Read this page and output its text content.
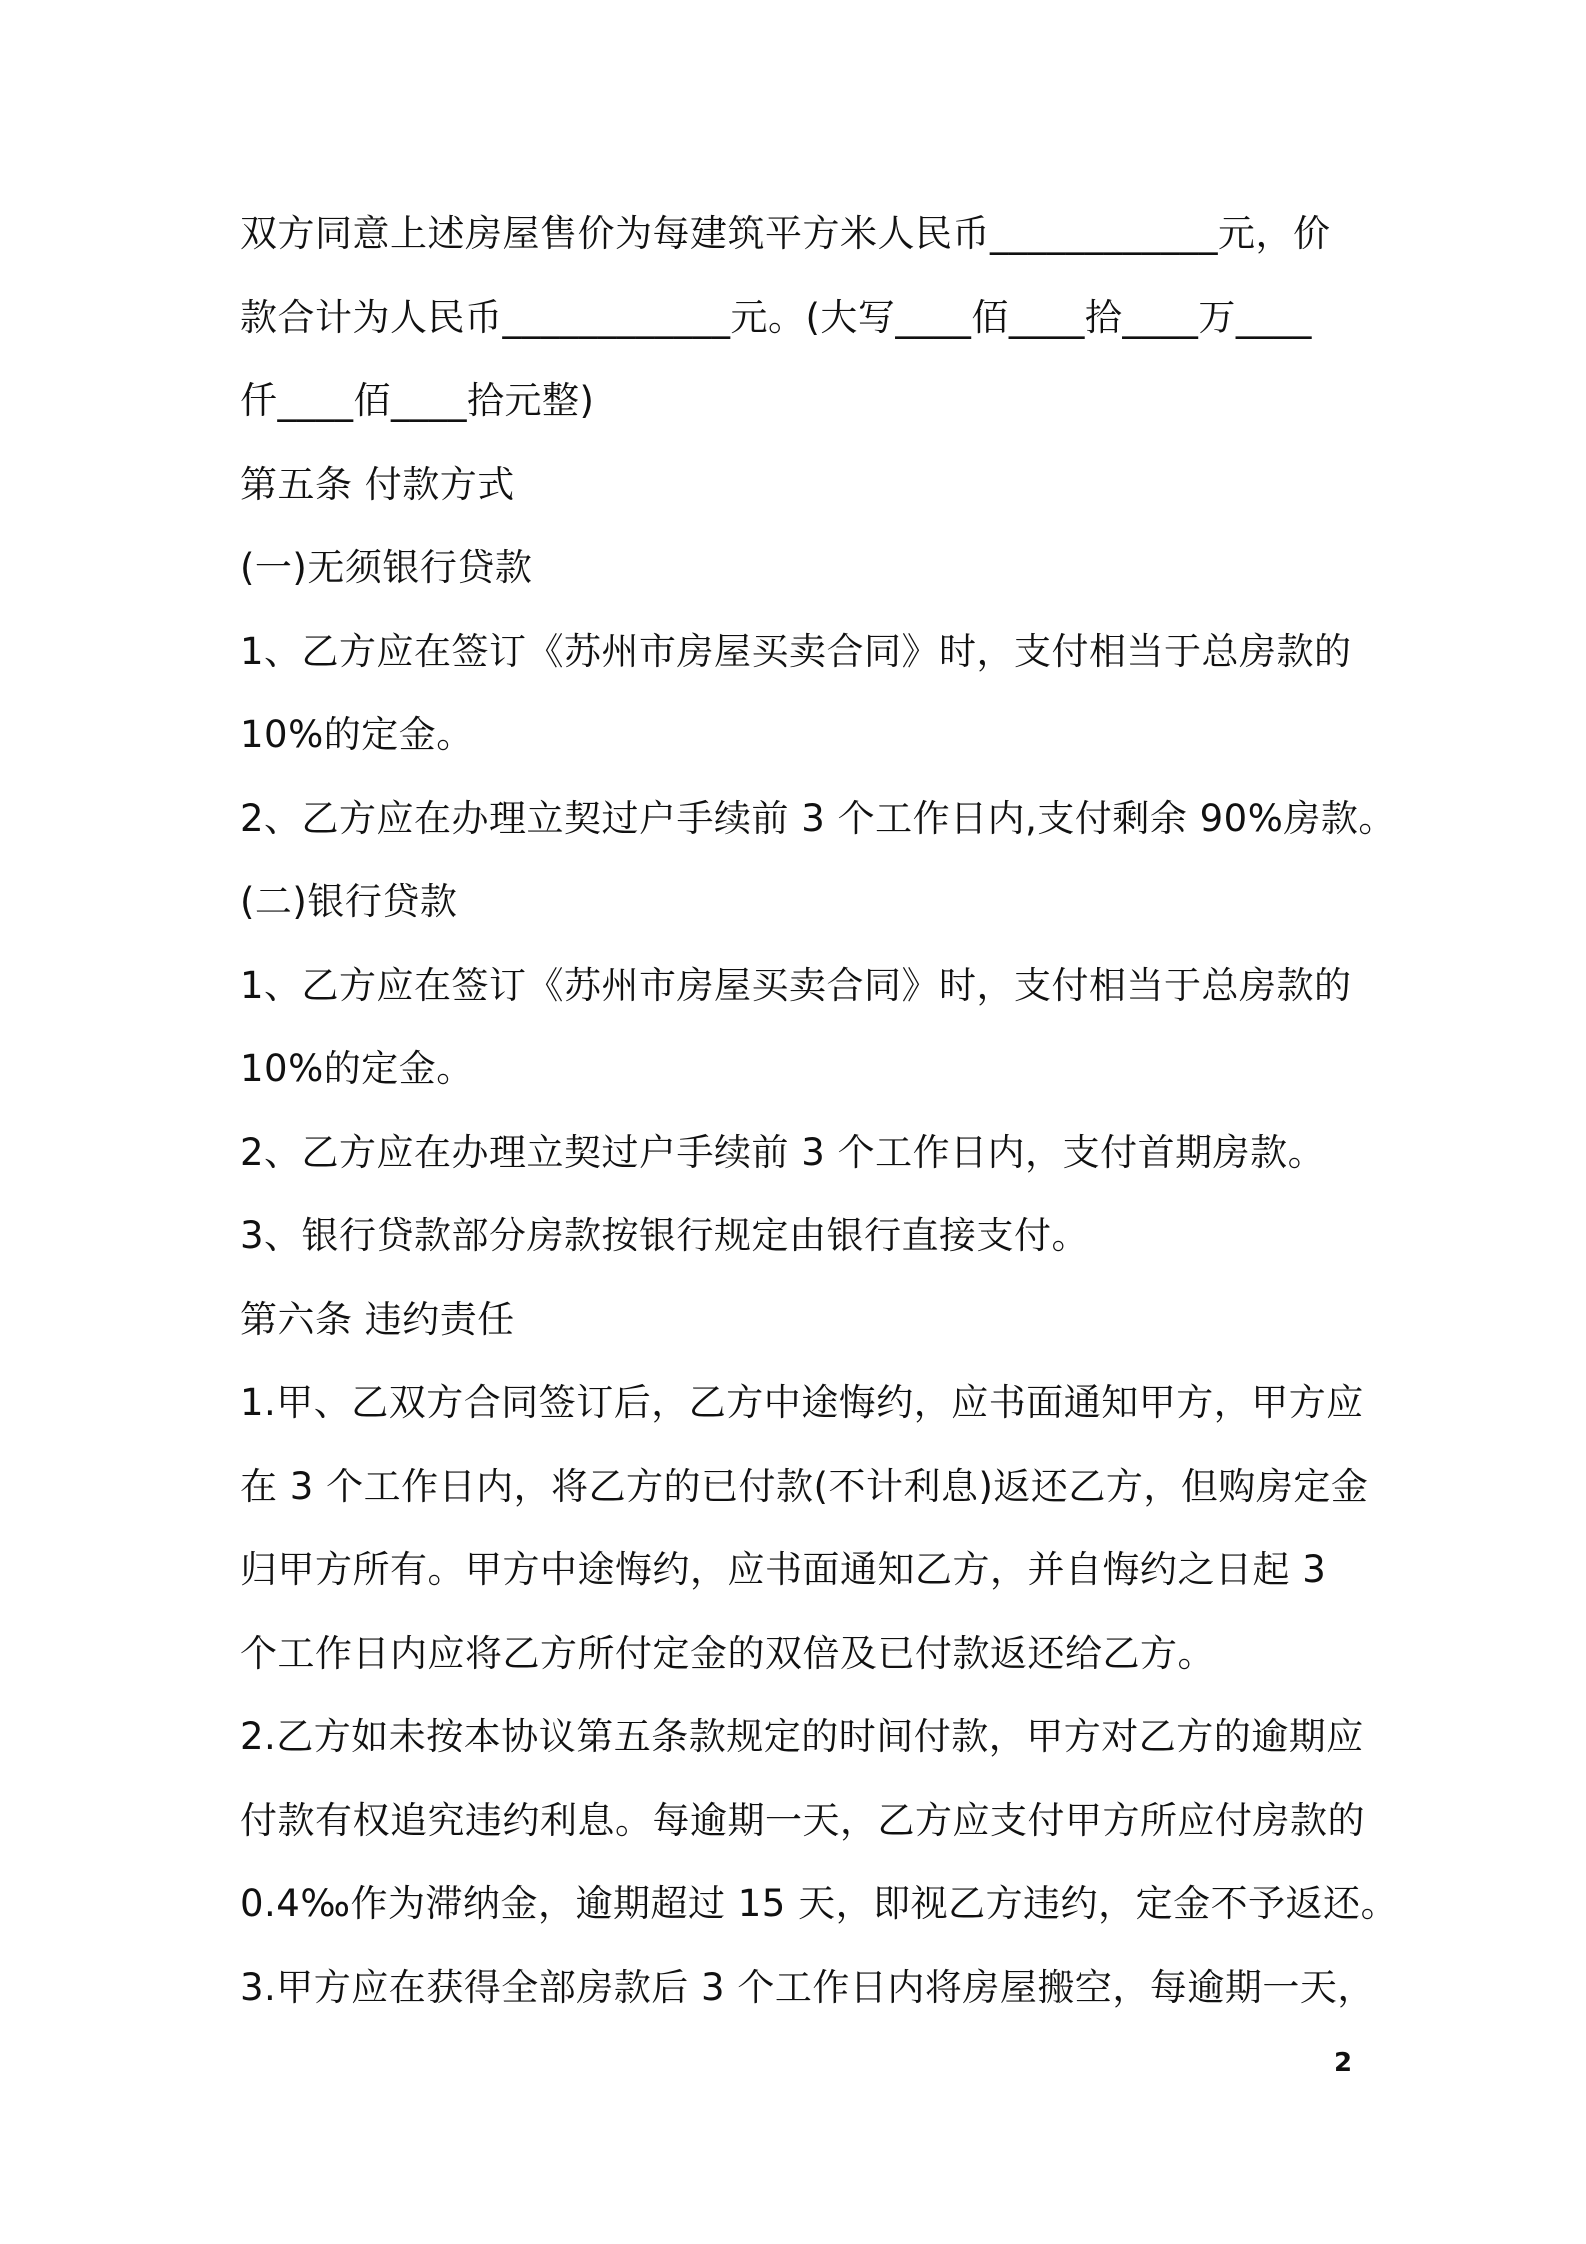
双方同意上述房屋售价为每建筑平方米人民币____________元，价
款合计为人民币____________元。(大写____佰____拾____万____
仟____佰____拾元整)
第五条 付款方式
(一)无须银行贷款
1、乙方应在签订《苏州市房屋买卖合同》时，支付相当于总房款的
10%的定金。
2、乙方应在办理立契过户手续前 3 个工作日内,支付剩余 90%房款。
(二)银行贷款
1、乙方应在签订《苏州市房屋买卖合同》时，支付相当于总房款的
10%的定金。
2、乙方应在办理立契过户手续前 3 个工作日内，支付首期房款。
3、银行贷款部分房款按银行规定由银行直接支付。
第六条 违约责任
1.甲、乙双方合同签订后，乙方中途悔约，应书面通知甲方，甲方应
在 3 个工作日内，将乙方的已付款(不计利息)返还乙方，但购房定金
归甲方所有。甲方中途悔约，应书面通知乙方，并自悔约之日起 3
个工作日内应将乙方所付定金的双倍及已付款返还给乙方。
2.乙方如未按本协议第五条款规定的时间付款，甲方对乙方的逾期应
付款有权追究违约利息。每逾期一天，乙方应支付甲方所应付房款的
0.4‰作为滞纳金，逾期超过 15 天，即视乙方违约，定金不予返还。
3.甲方应在获得全部房款后 3 个工作日内将房屋搬空，每逾期一天，
2
